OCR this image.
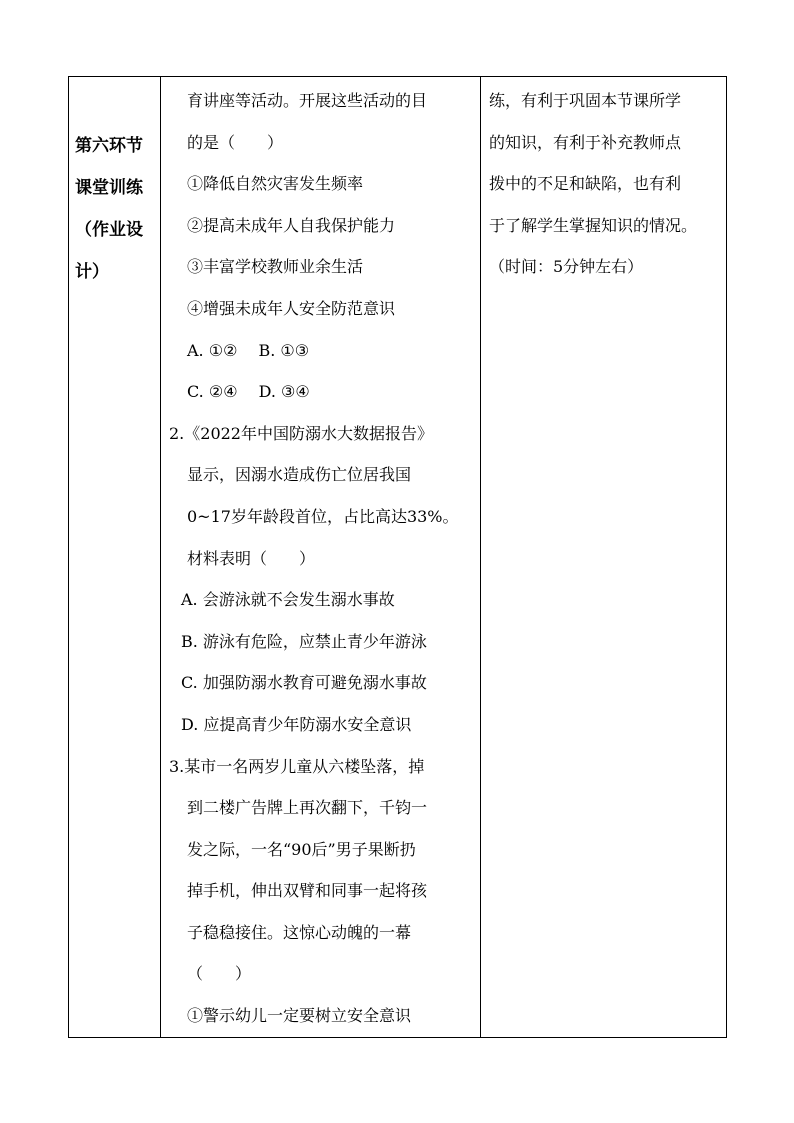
第六环节
课堂训练
（作业设
计）

育讲座等活动。开展这些活动的目
的是（　　）
①降低自然灾害发生频率
②提高未成年人自我保护能力
③丰富学校教师业余生活
④增强未成年人安全防范意识
A. ①②　 B. ①③
C. ②④　 D. ③④
2.《2022年中国防溺水大数据报告》
显示，因溺水造成伤亡位居我国
0~17岁年龄段首位，占比高达33%。
材料表明（　　）
A. 会游泳就不会发生溺水事故
B. 游泳有危险，应禁止青少年游泳
C. 加强防溺水教育可避免溺水事故
D. 应提高青少年防溺水安全意识
3.某市一名两岁儿童从六楼坠落，掉
到二楼广告牌上再次翻下，千钧一
发之际，一名“90后”男子果断扔
掉手机，伸出双臂和同事一起将孩
子稳稳接住。这惊心动魄的一幕
（　　）
①警示幼儿一定要树立安全意识

练，有利于巩固本节课所学
的知识，有利于补充教师点
拨中的不足和缺陷，也有利
于了解学生掌握知识的情况。
（时间：5分钟左右）
